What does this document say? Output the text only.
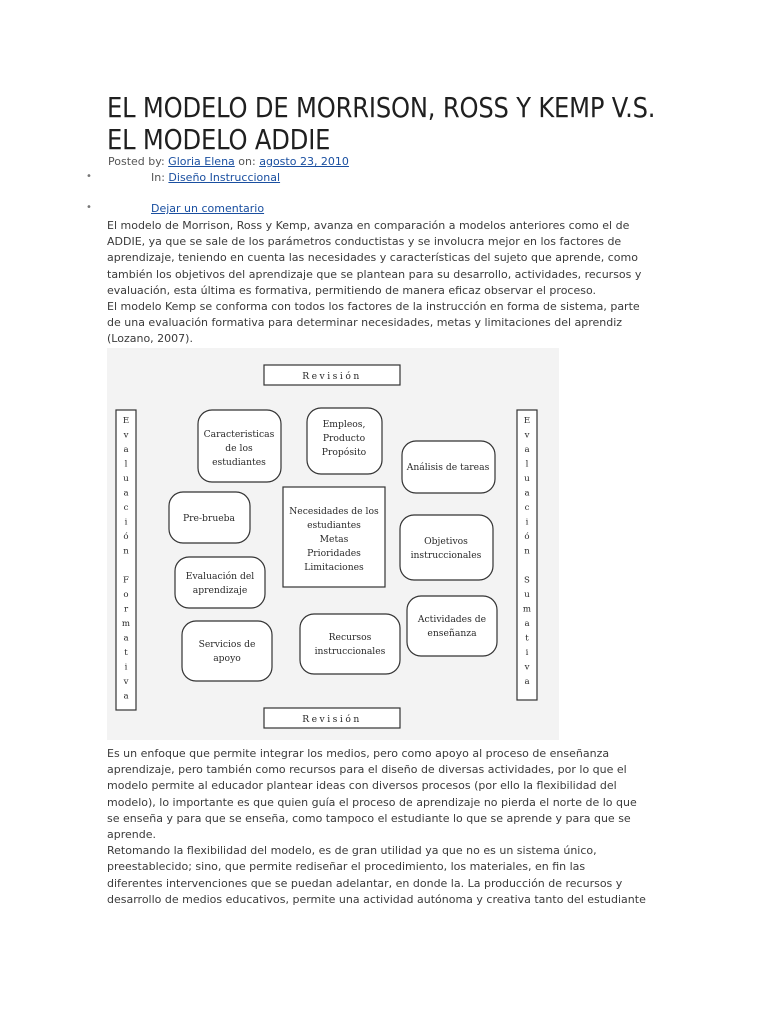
EL MODELO DE MORRISON, ROSS Y KEMP V.S.
EL MODELO ADDIE
Posted by: Gloria Elena on: agosto 23, 2010
•	In: Diseño Instruccional
•	Dejar un comentario
El modelo de Morrison, Ross y Kemp, avanza en comparación a modelos anteriores como el de
ADDIE, ya que se sale de los parámetros conductistas y se involucra mejor en los factores de
aprendizaje, teniendo en cuenta las necesidades y características del sujeto que aprende, como
también los objetivos del aprendizaje que se plantean para su desarrollo, actividades, recursos y
evaluación, esta última es formativa, permitiendo de manera eficaz observar el proceso.
El modelo Kemp se conforma con todos los factores de la instrucción en forma de sistema, parte
de una evaluación formativa para determinar necesidades, metas y limitaciones del aprendiz
(Lozano, 2007).
Revisión
Revisión
E
v
a
l
u
a
c
i
ó
n
F
o
r
m
a
t
i
v
a
E
v
a
l
u
a
c
i
ó
n
S
u
m
a
t
i
v
a
Caracteristicas
de los
estudiantes
Empleos,
Producto
Propósito
Análisis de tareas
Pre-brueba
Necesidades de los
estudiantes
Metas
Prioridades
Limitaciones
Objetivos
instruccionales
Evaluación del
aprendizaje
Actividades de
enseñanza
Servicios de
apoyo
Recursos
instruccionales
Es un enfoque que permite integrar los medios, pero como apoyo al proceso de enseñanza
aprendizaje, pero también como recursos para el diseño de diversas actividades, por lo que el
modelo permite al educador plantear ideas con diversos procesos (por ello la flexibilidad del
modelo), lo importante es que quien guía el proceso de aprendizaje no pierda el norte de lo que
se enseña y para que se enseña, como tampoco el estudiante lo que se aprende y para que se
aprende.
Retomando la flexibilidad del modelo, es de gran utilidad ya que no es un sistema único,
preestablecido; sino, que permite rediseñar el procedimiento, los materiales, en fin las
diferentes intervenciones que se puedan adelantar, en donde la. La producción de recursos y
desarrollo de medios educativos, permite una actividad autónoma y creativa tanto del estudiante
